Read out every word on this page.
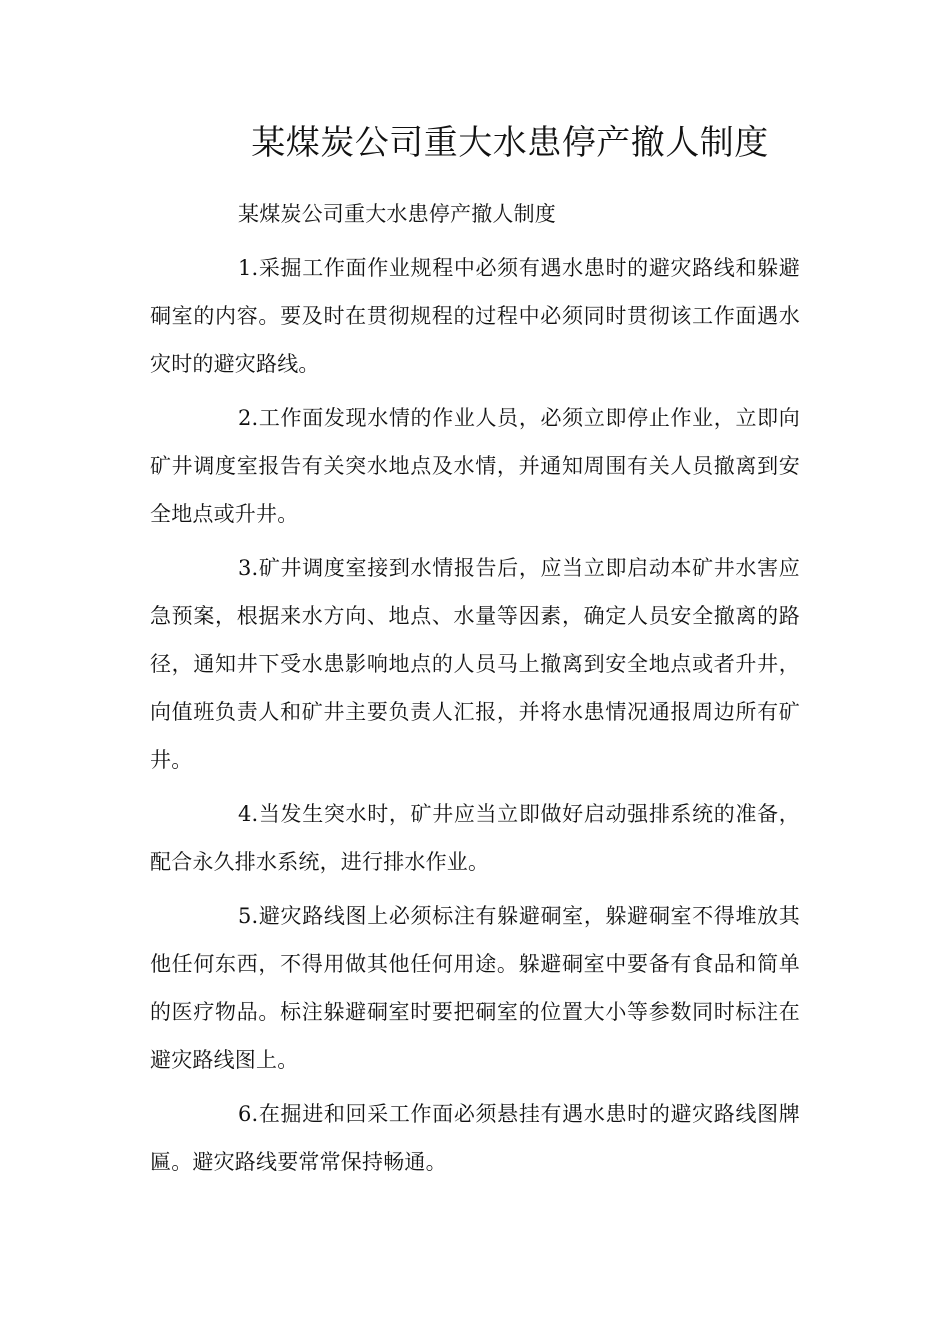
某煤炭公司重大水患停产撤人制度

某煤炭公司重大水患停产撤人制度

1.采掘工作面作业规程中必须有遇水患时的避灾路线和躲避硐室的内容。要及时在贯彻规程的过程中必须同时贯彻该工作面遇水灾时的避灾路线。

2.工作面发现水情的作业人员，必须立即停止作业，立即向矿井调度室报告有关突水地点及水情，并通知周围有关人员撤离到安全地点或升井。

3.矿井调度室接到水情报告后，应当立即启动本矿井水害应急预案，根据来水方向、地点、水量等因素，确定人员安全撤离的路径，通知井下受水患影响地点的人员马上撤离到安全地点或者升井，向值班负责人和矿井主要负责人汇报，并将水患情况通报周边所有矿井。

4.当发生突水时，矿井应当立即做好启动强排系统的准备，配合永久排水系统，进行排水作业。

5.避灾路线图上必须标注有躲避硐室，躲避硐室不得堆放其他任何东西，不得用做其他任何用途。躲避硐室中要备有食品和简单的医疗物品。标注躲避硐室时要把硐室的位置大小等参数同时标注在避灾路线图上。

6.在掘进和回采工作面必须悬挂有遇水患时的避灾路线图牌匾。避灾路线要常常保持畅通。
